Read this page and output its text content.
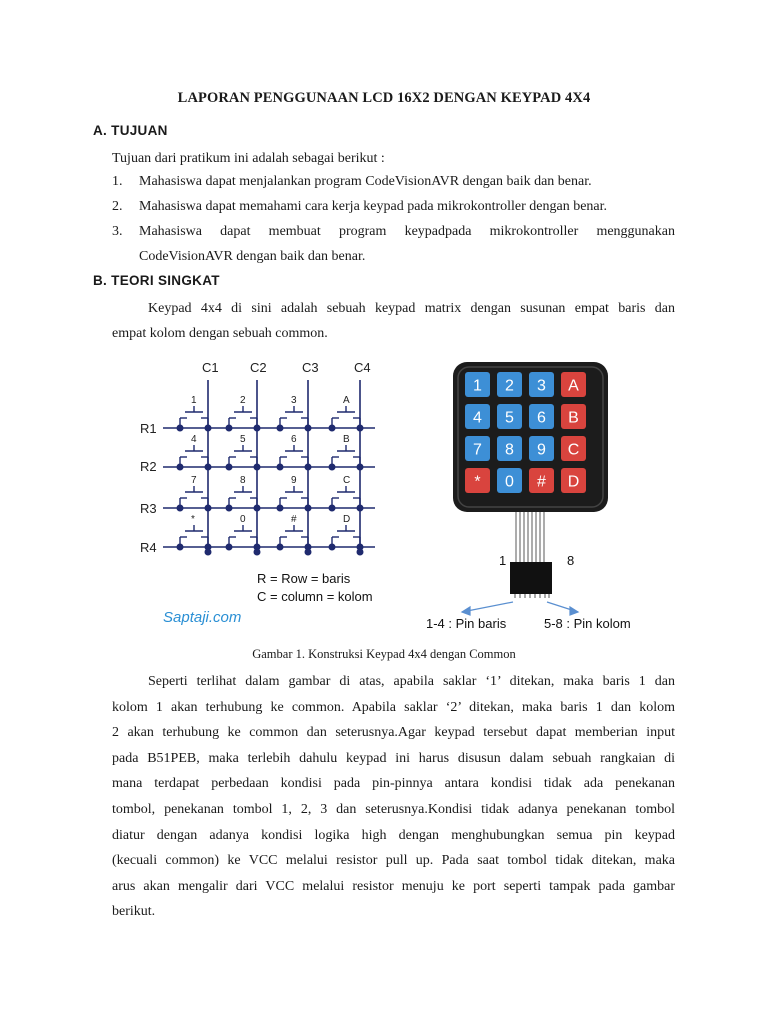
LAPORAN PENGGUNAAN LCD 16X2 DENGAN KEYPAD 4X4
A. TUJUAN
Tujuan dari pratikum ini adalah sebagai berikut :
1. Mahasiswa dapat menjalankan program CodeVisionAVR dengan baik dan benar.
2. Mahasiswa dapat memahami cara kerja keypad pada mikrokontroller dengan benar.
3. Mahasiswa dapat membuat program keypadpada mikrokontroller menggunakan
CodeVisionAVR dengan baik dan benar.
B. TEORI SINGKAT
Keypad 4x4 di sini adalah sebuah keypad matrix dengan susunan empat baris dan
empat kolom dengan sebuah common.
C1 C2	C3	C4
R1
R2
R3
R4
1	2	3	A
4	5	6	B
7	8	9	C
*	0	#	D
R = Row = baris
C = column = kolom
Saptaji.com
1 2 3 A
4 5 6 B
7 8 9 C
* 0 # D
1	8
1-4 : Pin baris	5-8 : Pin kolom
Gambar 1. Konstruksi Keypad 4x4 dengan Common
Seperti terlihat dalam gambar di atas, apabila saklar ‘1’ ditekan, maka baris 1 dan
kolom 1 akan terhubung ke common. Apabila saklar ‘2’ ditekan, maka baris 1 dan kolom
2 akan terhubung ke common dan seterusnya.Agar keypad tersebut dapat memberian input
pada B51PEB, maka terlebih dahulu keypad ini harus disusun dalam sebuah rangkaian di
mana terdapat perbedaan kondisi pada pin-pinnya antara kondisi tidak ada penekanan
tombol, penekanan tombol 1, 2, 3 dan seterusnya.Kondisi tidak adanya penekanan tombol
diatur dengan adanya kondisi logika high dengan menghubungkan semua pin keypad
(kecuali common) ke VCC melalui resistor pull up. Pada saat tombol tidak ditekan, maka
arus akan mengalir dari VCC melalui resistor menuju ke port seperti tampak pada gambar
berikut.
